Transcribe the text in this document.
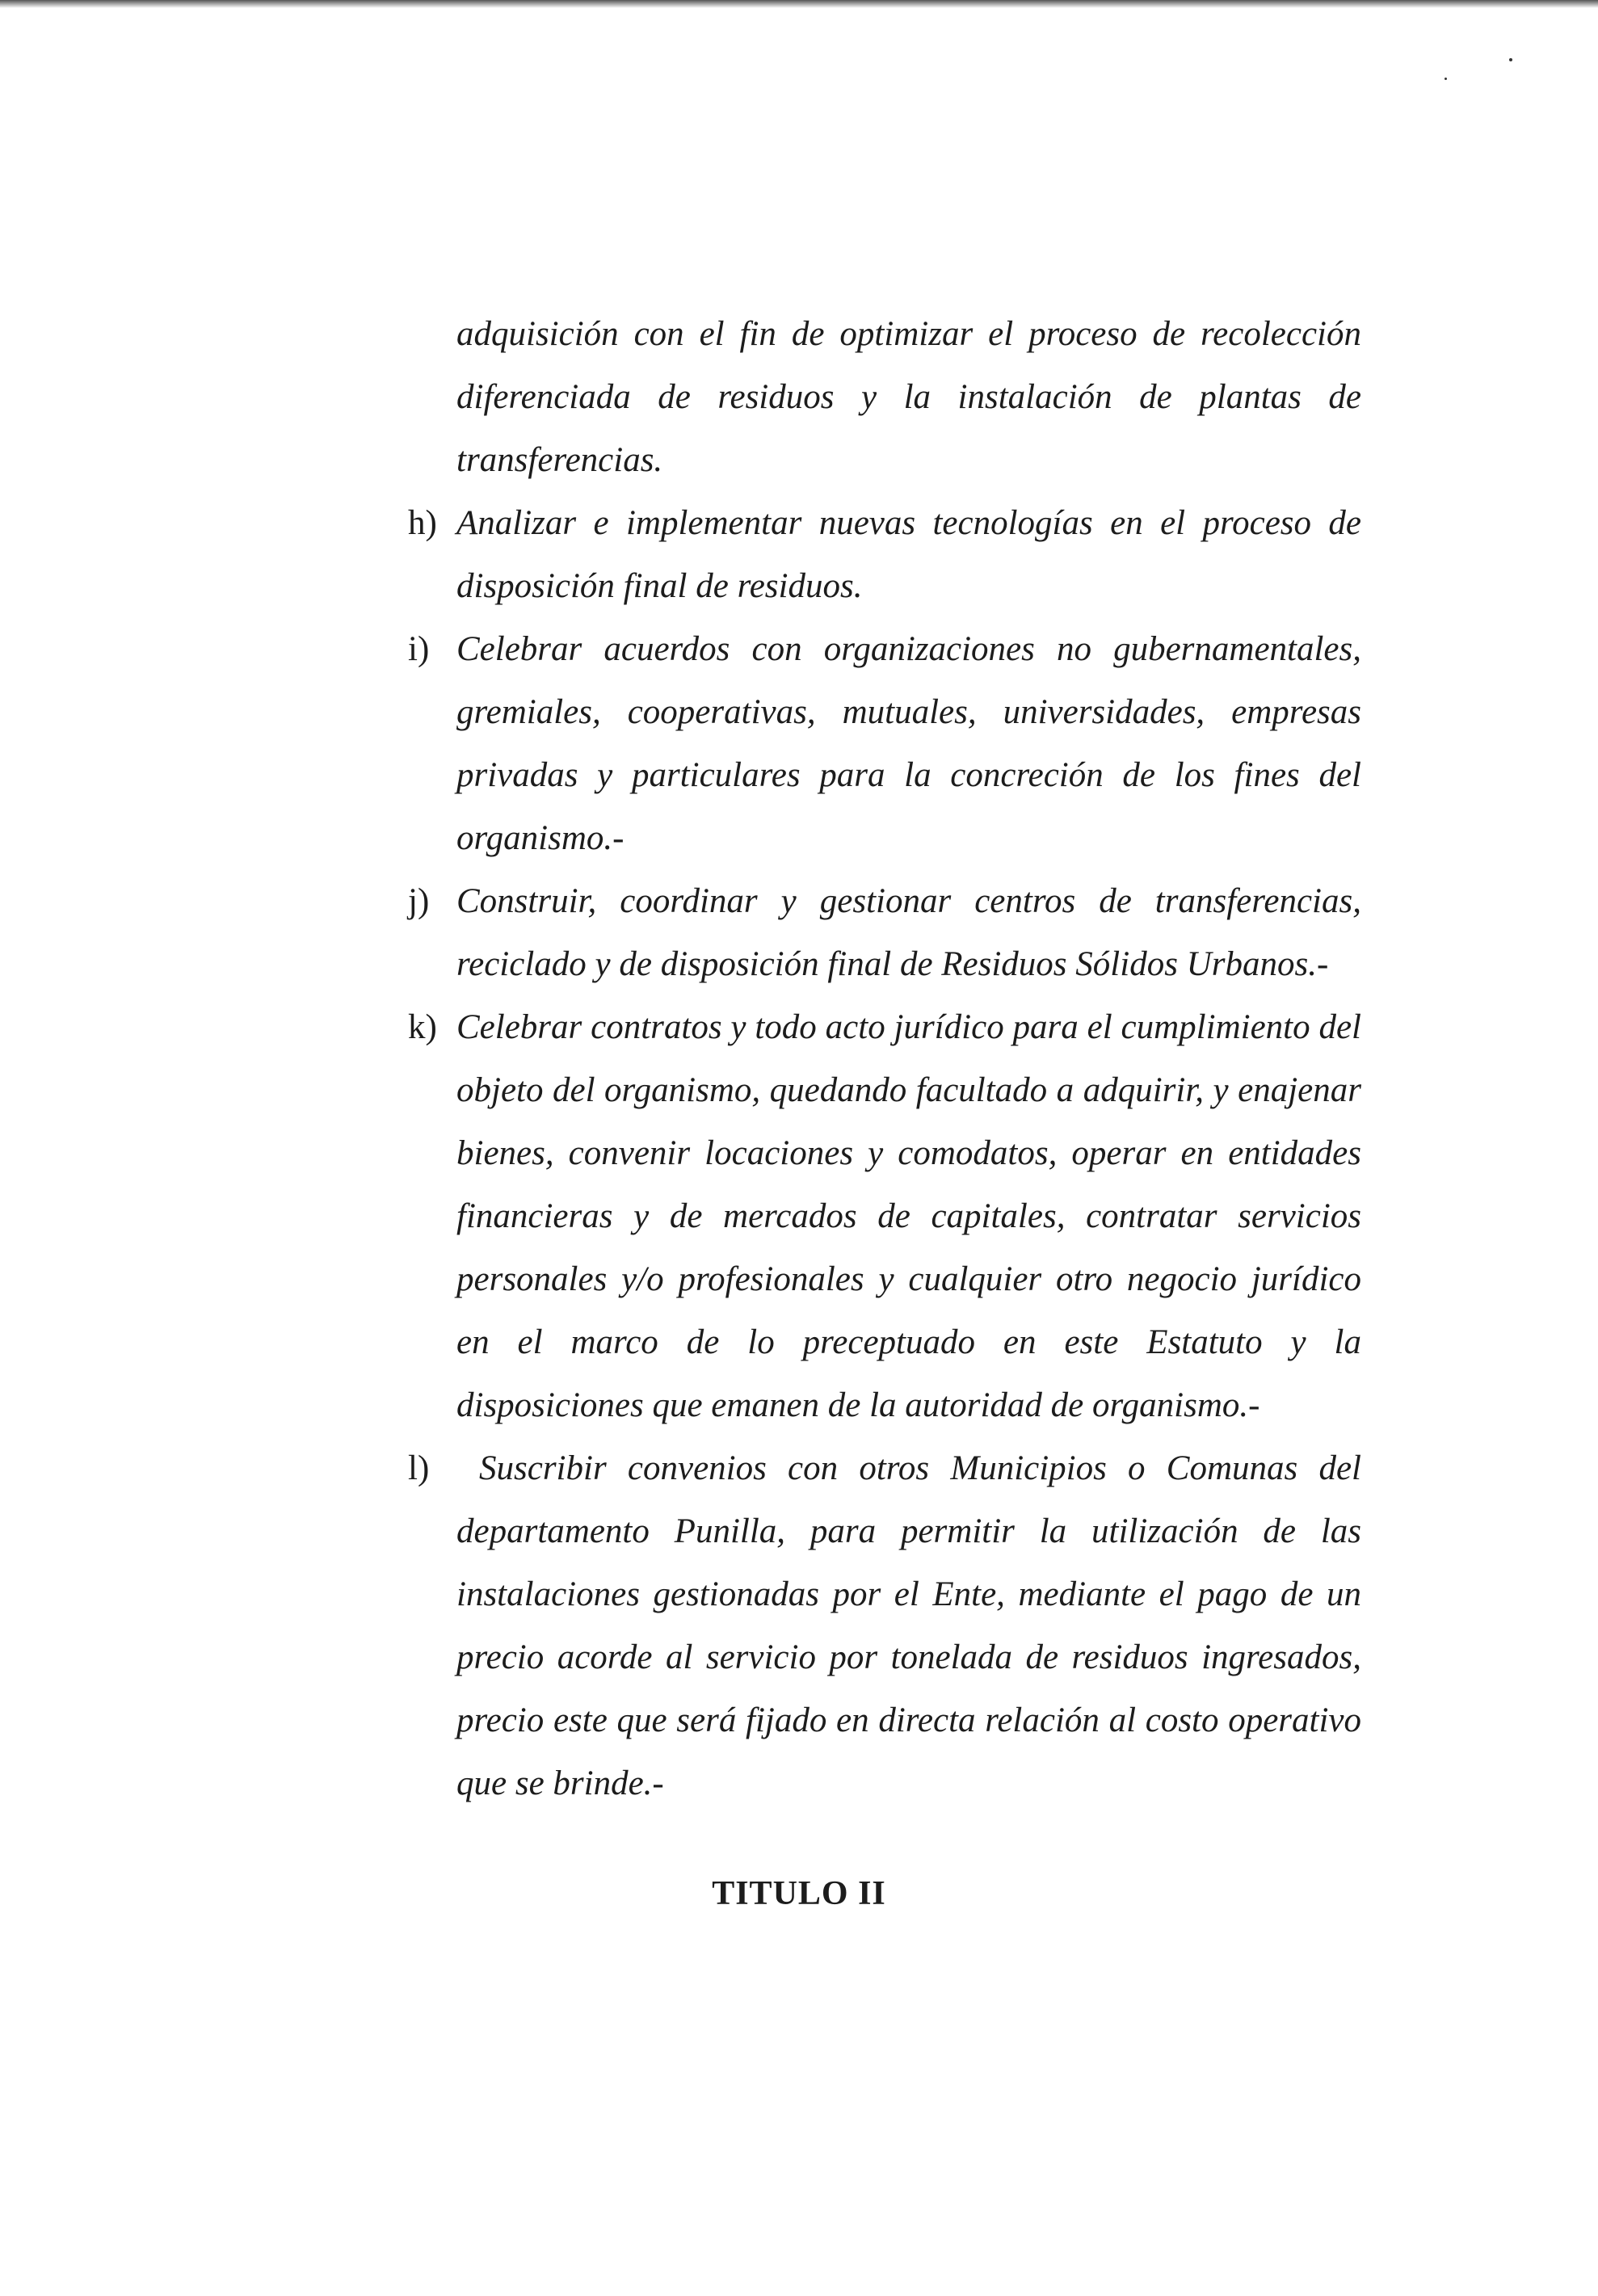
adquisición con el fin de optimizar el proceso de recolección diferenciada de residuos y la instalación de plantas de transferencias.

h) Analizar e implementar nuevas tecnologías en el proceso de disposición final de residuos.

i) Celebrar acuerdos con organizaciones no gubernamentales, gremiales, cooperativas, mutuales, universidades, empresas privadas y particulares para la concreción de los fines del organismo.-

j) Construir, coordinar y gestionar centros de transferencias, reciclado y de disposición final de Residuos Sólidos Urbanos.-

k) Celebrar contratos y todo acto jurídico para el cumplimiento del objeto del organismo, quedando facultado a adquirir, y enajenar bienes, convenir locaciones y comodatos, operar en entidades financieras y de mercados de capitales, contratar servicios personales y/o profesionales y cualquier otro negocio jurídico en el marco de lo preceptuado en este Estatuto y la disposiciones que emanen de la autoridad de organismo.-

l)	Suscribir convenios con otros Municipios o Comunas del departamento Punilla, para permitir la utilización de las instalaciones gestionadas por el Ente, mediante el pago de un precio acorde al servicio por tonelada de residuos ingresados, precio este que será fijado en directa relación al costo operativo que se brinde.-

TITULO II
